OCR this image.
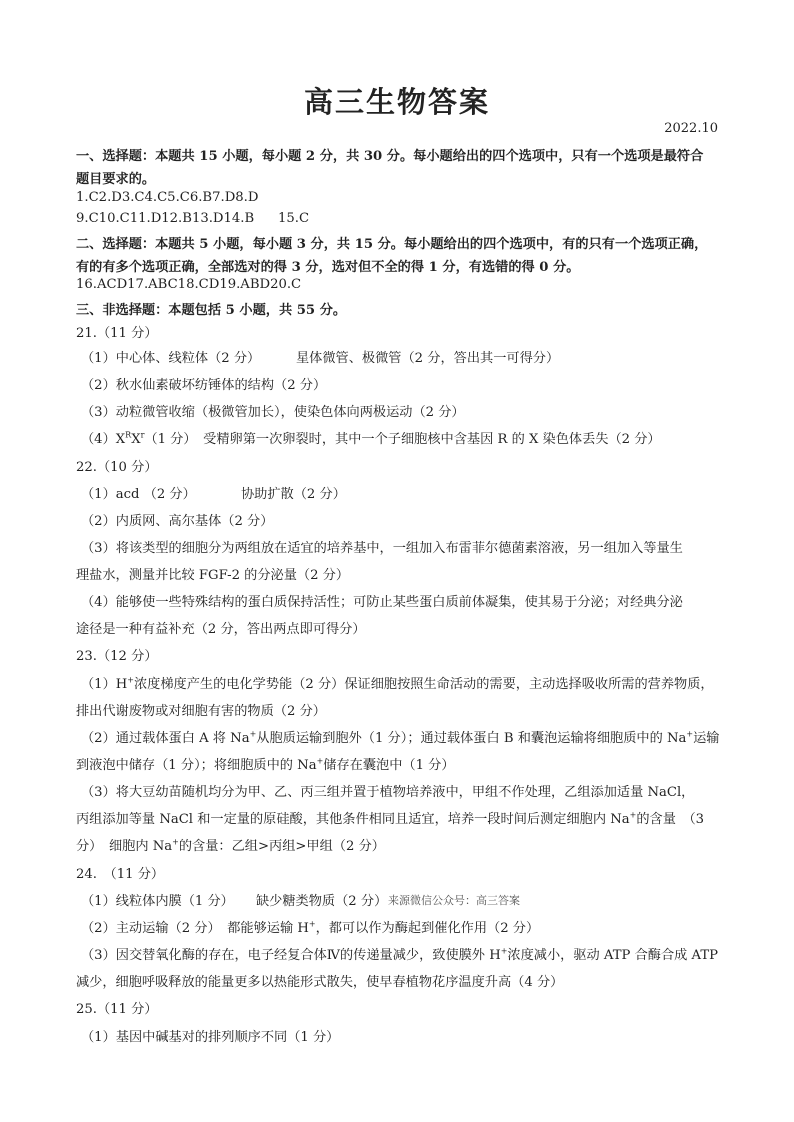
高三生物答案
2022.10
一、选择题：本题共 15 小题，每小题 2 分，共 30 分。每小题给出的四个选项中，只有一个选项是最符合
题目要求的。
1.C2.D3.C4.C5.C6.B7.D8.D
9.C10.C11.D12.B13.D14.B 15.C
二、选择题：本题共 5 小题，每小题 3 分，共 15 分。每小题给出的四个选项中，有的只有一个选项正确，
有的有多个选项正确，全部选对的得 3 分，选对但不全的得 1 分，有选错的得 0 分。
16.ACD17.ABC18.CD19.ABD20.C
三、非选择题：本题包括 5 小题，共 55 分。
21.（11 分）
（1）中心体、线粒体（2 分）	星体微管、极微管（2 分，答出其一可得分）
（2）秋水仙素破坏纺锤体的结构（2 分）
（3）动粒微管收缩（极微管加长），使染色体向两极运动（2 分）
$(4)X^RX^r(1$ 分）　受精卵第一次卵裂时，其中一个子细胞核中含基因 R 的 X 染色体丢失（2 分）
22.（10 分）
（1）acd （2 分）	协助扩散（2 分）
（2）内质网、高尔基体（2 分）
（3）将该类型的细胞分为两组放在适宜的培养基中，一组加入布雷菲尔德菌素溶液，另一组加入等量生
理盐水，测量并比较 FGF-2 的分泌量（2 分）
（4）能够使一些特殊结构的蛋白质保持活性；可防止某些蛋白质前体凝集，使其易于分泌；对经典分泌
途径是一种有益补充（2 分，答出两点即可得分）
23.（12 分）
（1）H+浓度梯度产生的电化学势能（2 分）保证细胞按照生命活动的需要，主动选择吸收所需的营养物质，
排出代谢废物或对细胞有害的物质（2 分）
（2）通过载体蛋白 A 将 Na+从胞质运输到胞外（1 分）；通过载体蛋白 B 和囊泡运输将细胞质中的 Na+运输
到液泡中储存（1 分）；将细胞质中的 Na+储存在囊泡中（1 分）
（3）将大豆幼苗随机均分为甲、乙、丙三组并置于植物培养液中，甲组不作处理，乙组添加适量 NaCl，
丙组添加等量 NaCl 和一定量的原硅酸，其他条件相同且适宜，培养一段时间后测定细胞内 Na+的含量　（3
分）　细胞内 Na+的含量：乙组>丙组>甲组（2 分）
24.　（11 分）
（1）线粒体内膜（1 分） 缺少糖类物质（2 分） 来源微信公众号：高三答案
（2）主动运输（2 分）　都能够运输 H+，都可以作为酶起到催化作用（2 分）
（3）因交替氧化酶的存在，电子经复合体Ⅳ的传递量减少，致使膜外 H+浓度减小，驱动 ATP 合酶合成 ATP
减少，细胞呼吸释放的能量更多以热能形式散失，使早春植物花序温度升高（4 分）
25.（11 分）
（1）基因中碱基对的排列顺序不同（1 分）
